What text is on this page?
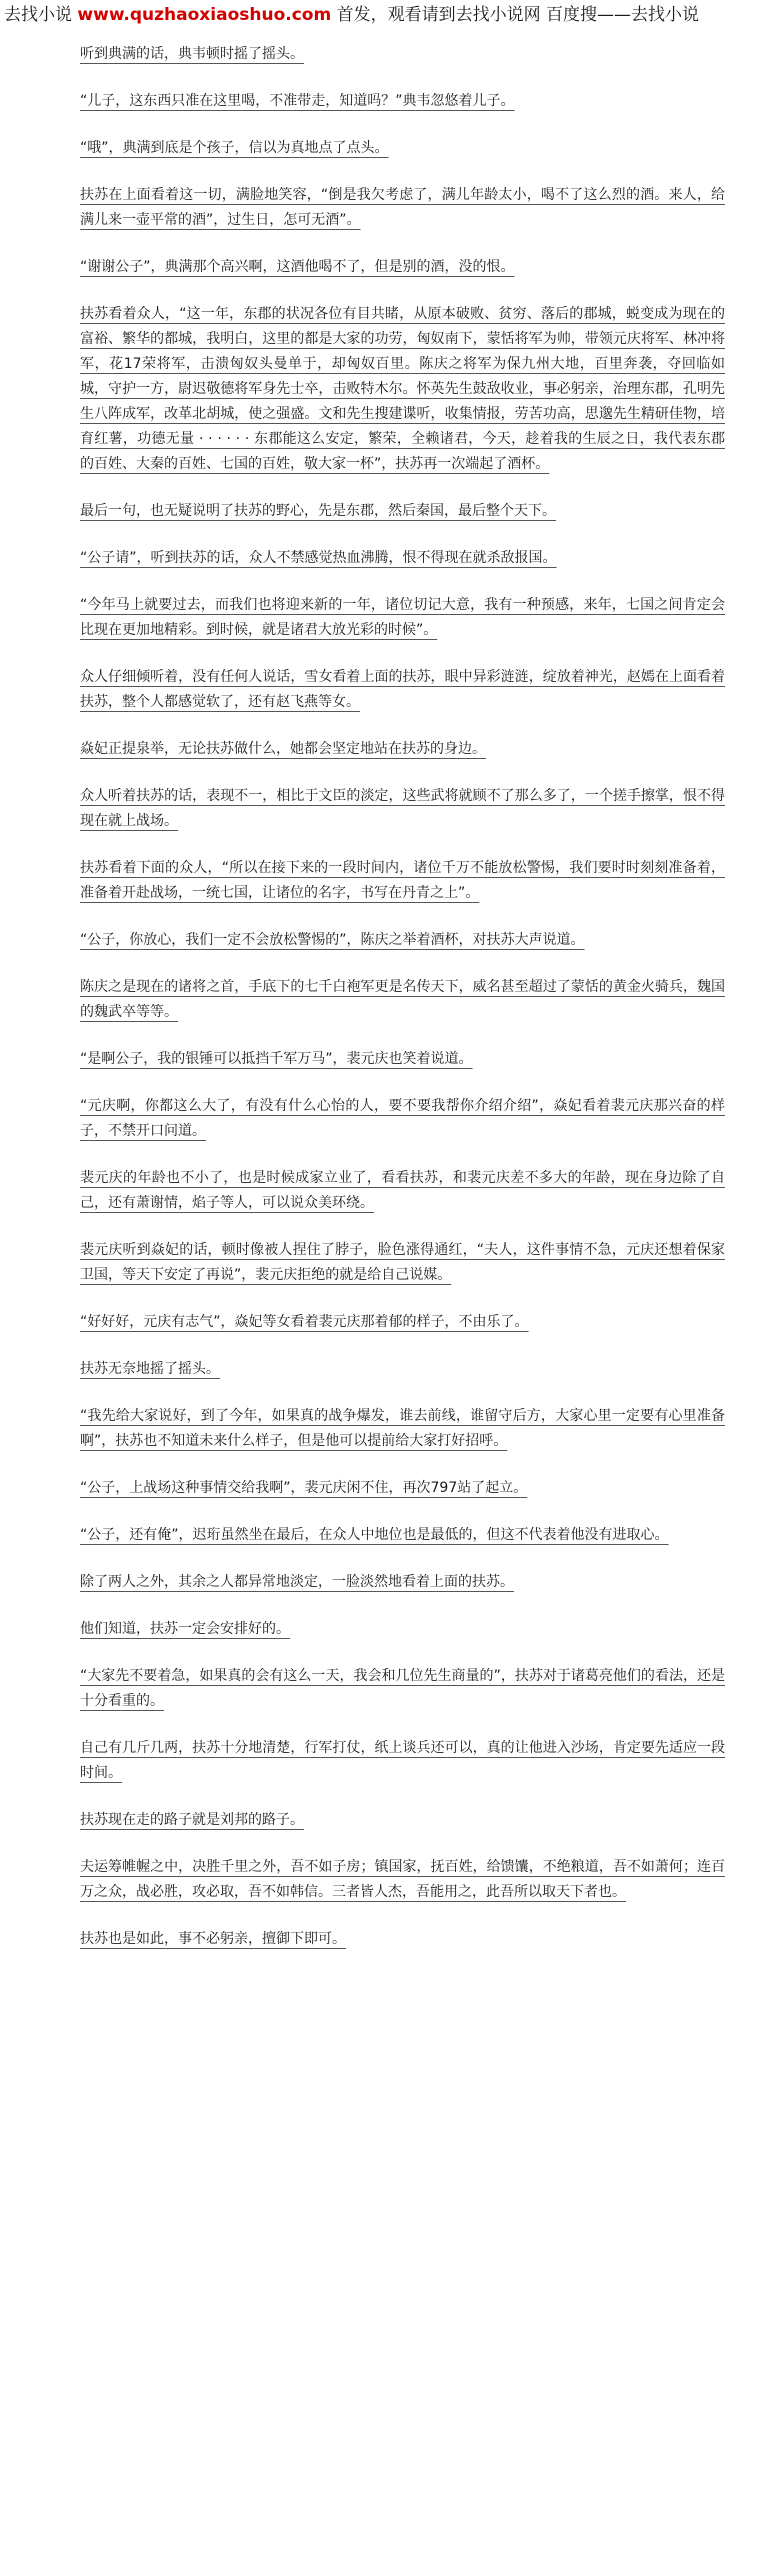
去找小说 www.quzhaoxiaoshuo.com 首发，观看请到去找小说网 百度搜——去找小说

听到典满的话，典韦顿时摇了摇头。

“儿子，这东西只准在这里喝，不准带走，知道吗？”典韦忽悠着儿子。

“哦”，典满到底是个孩子，信以为真地点了点头。

扶苏在上面看着这一切，满脸地笑容，“倒是我欠考虑了，满儿年龄太小，喝不了这么烈的酒。来人，给满儿来一壶平常的酒”，过生日，怎可无酒”。

“谢谢公子”，典满那个高兴啊，这酒他喝不了，但是别的酒，没的恨。

扶苏看着众人，“这一年，东郡的状况各位有目共睹，从原本破败、贫穷、落后的郡城，蜕变成为现在的富裕、繁华的都城，我明白，这里的都是大家的功劳，匈奴南下，蒙恬将军为帅，带领元庆将军、林冲将军，花17荣将军，击溃匈奴头曼单于，却匈奴百里。陈庆之将军为保九州大地，百里奔袭，夺回临如城，守护一方，尉迟敬德将军身先士卒，击败特木尔。怀英先生鼓敌收业，事必躬亲，治理东郡，孔明先生八阵成军，改革北胡城，使之强盛。文和先生搜建谍听，收集情报，劳苦功高，思邈先生精研佳物，培育红薯，功德无量 · · · · · · 东郡能这么安定，繁荣，全赖诸君，今天，趁着我的生辰之日，我代表东郡的百姓、大秦的百姓、七国的百姓，敬大家一杯”，扶苏再一次端起了酒杯。

最后一句，也无疑说明了扶苏的野心，先是东郡，然后秦国，最后整个天下。

“公子请”，听到扶苏的话，众人不禁感觉热血沸腾，恨不得现在就杀敌报国。

“今年马上就要过去，而我们也将迎来新的一年，诸位切记大意，我有一种预感，来年，七国之间肯定会比现在更加地精彩。到时候，就是诸君大放光彩的时候”。

众人仔细倾听着，没有任何人说话，雪女看着上面的扶苏，眼中异彩涟涟，绽放着神光，赵嫣在上面看着扶苏，整个人都感觉软了，还有赵飞燕等女。

焱妃正提泉举，无论扶苏做什么，她都会坚定地站在扶苏的身边。

众人听着扶苏的话，表现不一，相比于文臣的淡定，这些武将就顾不了那么多了，一个搓手擦掌，恨不得现在就上战场。

扶苏看着下面的众人，“所以在接下来的一段时间内，诸位千万不能放松警惕，我们要时时刻刻准备着，准备着开赴战场，一统七国，让诸位的名字，书写在丹青之上”。

“公子，你放心，我们一定不会放松警惕的”，陈庆之举着酒杯，对扶苏大声说道。

陈庆之是现在的诸将之首，手底下的七千白袍军更是名传天下，威名甚至超过了蒙恬的黄金火骑兵，魏国的魏武卒等等。

“是啊公子，我的银锤可以抵挡千军万马”，裴元庆也笑着说道。

“元庆啊，你都这么大了，有没有什么心怡的人，要不要我帮你介绍介绍”，焱妃看着裴元庆那兴奋的样子，不禁开口问道。

裴元庆的年龄也不小了，也是时候成家立业了，看看扶苏，和裴元庆差不多大的年龄，现在身边除了自己，还有萧谢情，焰子等人，可以说众美环绕。

裴元庆听到焱妃的话，顿时像被人捏住了脖子，脸色涨得通红，“夫人，这件事情不急，元庆还想着保家卫国，等天下安定了再说”，裴元庆拒绝的就是给自己说媒。

“好好好，元庆有志气”，焱妃等女看着裴元庆那着郁的样子，不由乐了。

扶苏无奈地摇了摇头。

“我先给大家说好，到了今年，如果真的战争爆发，谁去前线，谁留守后方，大家心里一定要有心里准备啊”，扶苏也不知道未来什么样子，但是他可以提前给大家打好招呼。

“公子，上战场这种事情交给我啊”，裴元庆闲不住，再次797站了起立。

“公子，还有俺”，迟珩虽然坐在最后，在众人中地位也是最低的，但这不代表着他没有进取心。

除了两人之外，其余之人都异常地淡定，一脸淡然地看着上面的扶苏。

他们知道，扶苏一定会安排好的。

“大家先不要着急，如果真的会有这么一天，我会和几位先生商量的”，扶苏对于诸葛亮他们的看法，还是十分看重的。

自己有几斤几两，扶苏十分地清楚，行军打仗，纸上谈兵还可以，真的让他进入沙场，肯定要先适应一段时间。

扶苏现在走的路子就是刘邦的路子。

夫运筹帷幄之中，决胜千里之外，吾不如子房；镇国家，抚百姓，给馈馕，不绝粮道，吾不如萧何；连百万之众，战必胜，攻必取，吾不如韩信。三者皆人杰，吾能用之，此吾所以取天下者也。

扶苏也是如此，事不必躬亲，擅御下即可。
